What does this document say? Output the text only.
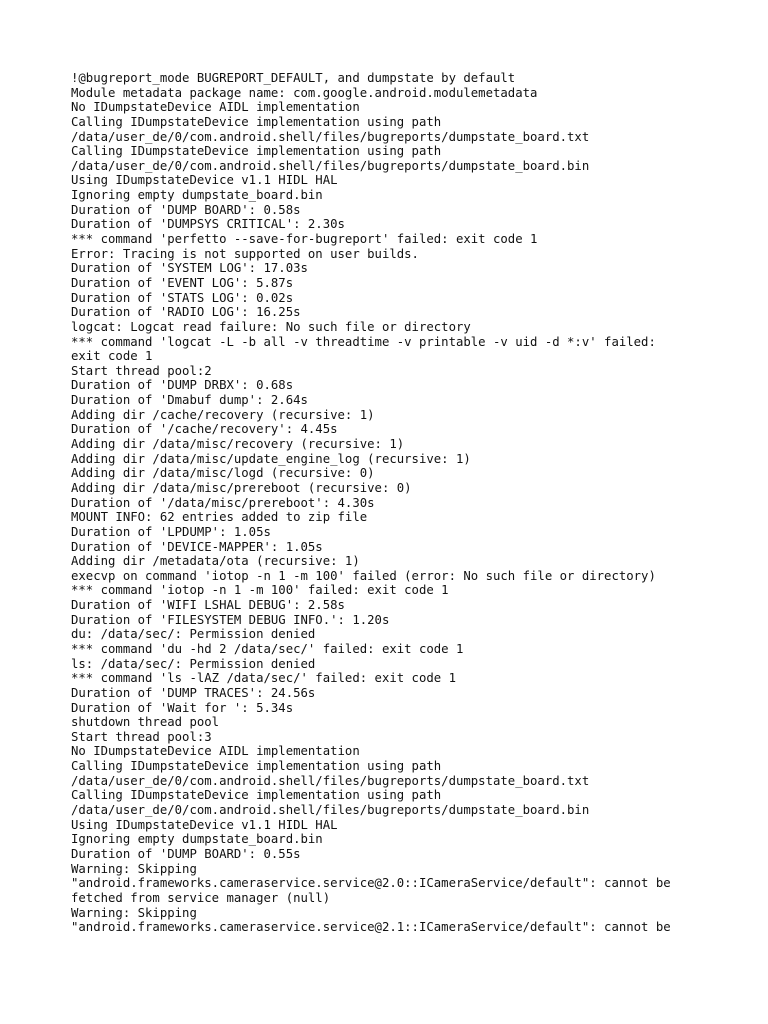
!@bugreport_mode BUGREPORT_DEFAULT, and dumpstate by default
Module metadata package name: com.google.android.modulemetadata
No IDumpstateDevice AIDL implementation
Calling IDumpstateDevice implementation using path
/data/user_de/0/com.android.shell/files/bugreports/dumpstate_board.txt
Calling IDumpstateDevice implementation using path
/data/user_de/0/com.android.shell/files/bugreports/dumpstate_board.bin
Using IDumpstateDevice v1.1 HIDL HAL
Ignoring empty dumpstate_board.bin
Duration of 'DUMP BOARD': 0.58s
Duration of 'DUMPSYS CRITICAL': 2.30s
*** command 'perfetto --save-for-bugreport' failed: exit code 1
Error: Tracing is not supported on user builds.
Duration of 'SYSTEM LOG': 17.03s
Duration of 'EVENT LOG': 5.87s
Duration of 'STATS LOG': 0.02s
Duration of 'RADIO LOG': 16.25s
logcat: Logcat read failure: No such file or directory
*** command 'logcat -L -b all -v threadtime -v printable -v uid -d *:v' failed:
exit code 1
Start thread pool:2
Duration of 'DUMP DRBX': 0.68s
Duration of 'Dmabuf dump': 2.64s
Adding dir /cache/recovery (recursive: 1)
Duration of '/cache/recovery': 4.45s
Adding dir /data/misc/recovery (recursive: 1)
Adding dir /data/misc/update_engine_log (recursive: 1)
Adding dir /data/misc/logd (recursive: 0)
Adding dir /data/misc/prereboot (recursive: 0)
Duration of '/data/misc/prereboot': 4.30s
MOUNT INFO: 62 entries added to zip file
Duration of 'LPDUMP': 1.05s
Duration of 'DEVICE-MAPPER': 1.05s
Adding dir /metadata/ota (recursive: 1)
execvp on command 'iotop -n 1 -m 100' failed (error: No such file or directory)
*** command 'iotop -n 1 -m 100' failed: exit code 1
Duration of 'WIFI LSHAL DEBUG': 2.58s
Duration of 'FILESYSTEM DEBUG INFO.': 1.20s
du: /data/sec/: Permission denied
*** command 'du -hd 2 /data/sec/' failed: exit code 1
ls: /data/sec/: Permission denied
*** command 'ls -lAZ /data/sec/' failed: exit code 1
Duration of 'DUMP TRACES': 24.56s
Duration of 'Wait for ': 5.34s
shutdown thread pool
Start thread pool:3
No IDumpstateDevice AIDL implementation
Calling IDumpstateDevice implementation using path
/data/user_de/0/com.android.shell/files/bugreports/dumpstate_board.txt
Calling IDumpstateDevice implementation using path
/data/user_de/0/com.android.shell/files/bugreports/dumpstate_board.bin
Using IDumpstateDevice v1.1 HIDL HAL
Ignoring empty dumpstate_board.bin
Duration of 'DUMP BOARD': 0.55s
Warning: Skipping
"android.frameworks.cameraservice.service@2.0::ICameraService/default": cannot be
fetched from service manager (null)
Warning: Skipping
"android.frameworks.cameraservice.service@2.1::ICameraService/default": cannot be
